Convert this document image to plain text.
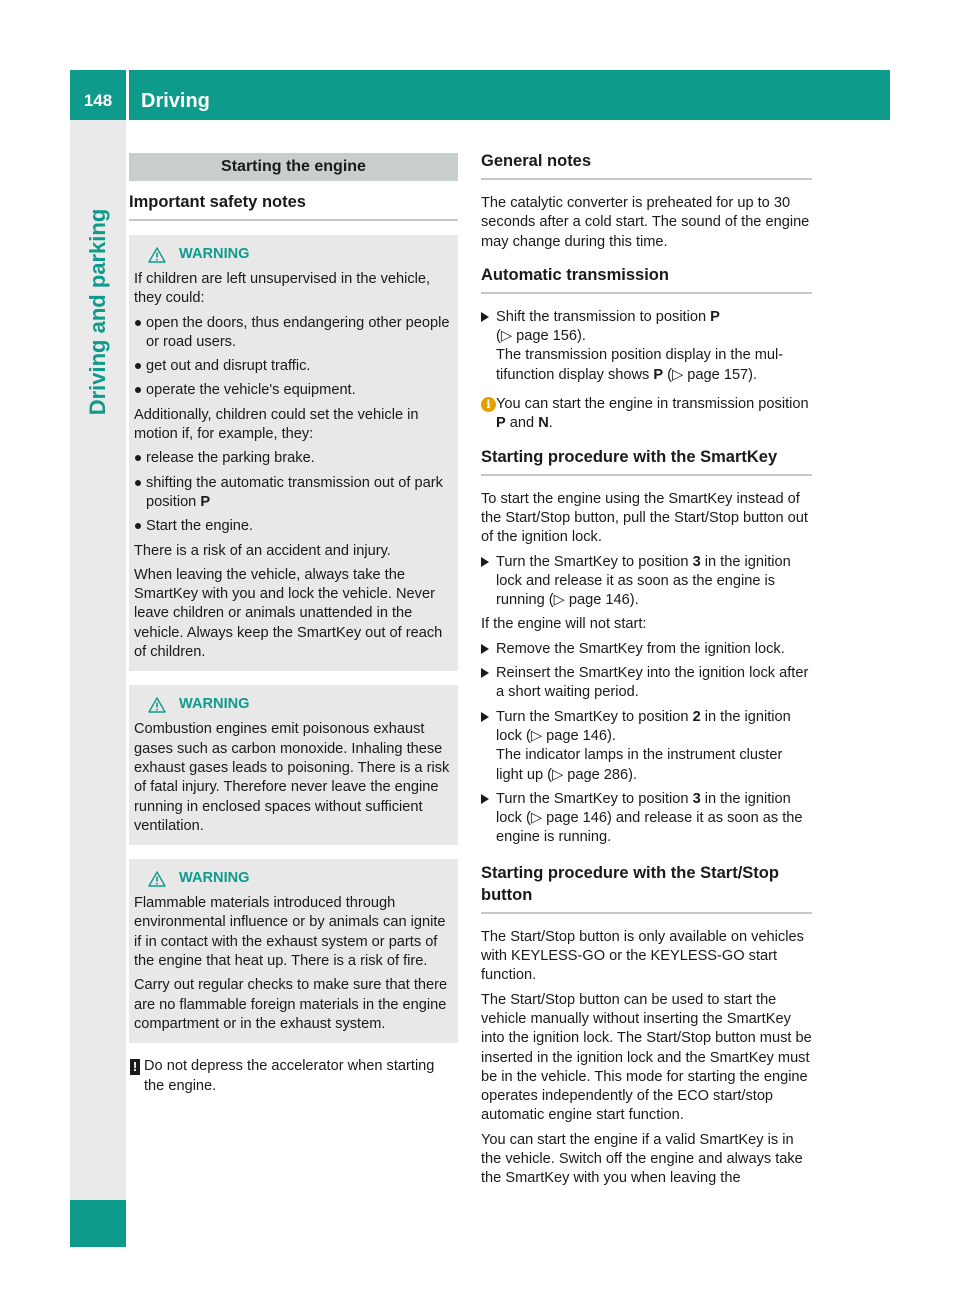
148	Driving
Driving and parking
Starting the engine
Important safety notes
WARNING

If children are left unsupervised in the vehicle, they could:

open the doors, thus endangering other people or road users.
get out and disrupt traffic.
operate the vehicle's equipment.

Additionally, children could set the vehicle in motion if, for example, they:

release the parking brake.
shifting the automatic transmission out of park position P
Start the engine.

There is a risk of an accident and injury.

When leaving the vehicle, always take the SmartKey with you and lock the vehicle. Never leave children or animals unattended in the vehicle. Always keep the SmartKey out of reach of children.

WARNING

Combustion engines emit poisonous exhaust gases such as carbon monoxide. Inhaling these exhaust gases leads to poisoning. There is a risk of fatal injury. Therefore never leave the engine running in enclosed spaces without sufficient ventilation.

WARNING

Flammable materials introduced through environmental influence or by animals can ignite if in contact with the exhaust system or parts of the engine that heat up. There is a risk of fire.

Carry out regular checks to make sure that there are no flammable foreign materials in the engine compartment or in the exhaust system.

! Do not depress the accelerator when starting the engine.
General notes

The catalytic converter is preheated for up to 30 seconds after a cold start. The sound of the engine may change during this time.

Automatic transmission
Shift the transmission to position P
(▷ page 156).
The transmission position display in the multifunction display shows P (▷ page 157).
i You can start the engine in transmission position P and N.
Starting procedure with the SmartKey

To start the engine using the SmartKey instead of the Start/Stop button, pull the Start/Stop button out of the ignition lock.

Turn the SmartKey to position 3 in the ignition lock and release it as soon as the engine is running (▷ page 146).

If the engine will not start:

Remove the SmartKey from the ignition lock.
Reinsert the SmartKey into the ignition lock after a short waiting period.
Turn the SmartKey to position 2 in the ignition lock (▷ page 146).
The indicator lamps in the instrument cluster light up (▷ page 286).
Turn the SmartKey to position 3 in the ignition lock (▷ page 146) and release it as soon as the engine is running.
Starting procedure with the Start/Stop button

The Start/Stop button is only available on vehicles with KEYLESS-GO or the KEYLESS-GO start function.

The Start/Stop button can be used to start the vehicle manually without inserting the SmartKey into the ignition lock. The Start/Stop button must be inserted in the ignition lock and the SmartKey must be in the vehicle. This mode for starting the engine operates independently of the ECO start/stop automatic engine start function.

You can start the engine if a valid SmartKey is in the vehicle. Switch off the engine and always take the SmartKey with you when leaving the
